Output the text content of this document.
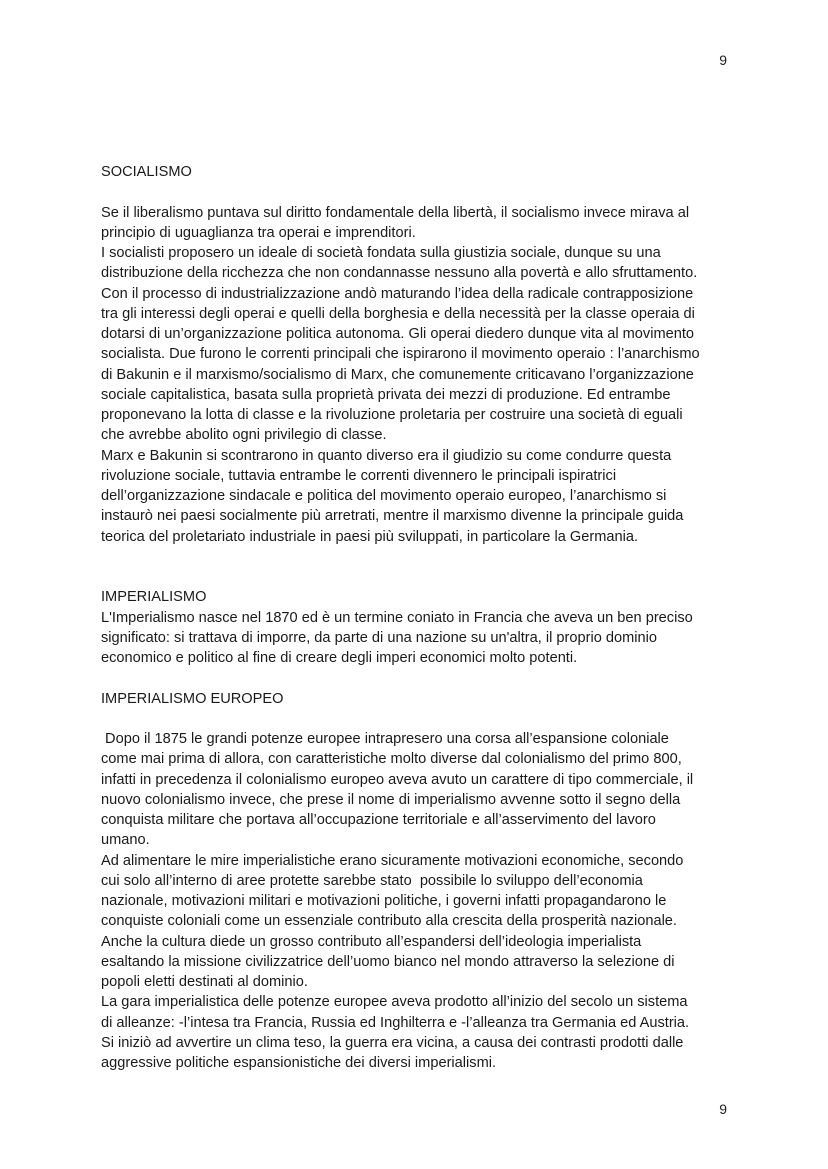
9
SOCIALISMO

Se il liberalismo puntava sul diritto fondamentale della libertà, il socialismo invece mirava al

principio di uguaglianza tra operai e imprenditori.

I socialisti proposero un ideale di società fondata sulla giustizia sociale, dunque su una

distribuzione della ricchezza che non condannasse nessuno alla povertà e allo sfruttamento.

Con il processo di industrializzazione andò maturando l’idea della radicale contrapposizione

tra gli interessi degli operai e quelli della borghesia e della necessità per la classe operaia di

dotarsi di un’organizzazione politica autonoma. Gli operai diedero dunque vita al movimento

socialista. Due furono le correnti principali che ispirarono il movimento operaio : l’anarchismo

di Bakunin e il marxismo/socialismo di Marx, che comunemente criticavano l’organizzazione

sociale capitalistica, basata sulla proprietà privata dei mezzi di produzione. Ed entrambe

proponevano la lotta di classe e la rivoluzione proletaria per costruire una società di eguali

che avrebbe abolito ogni privilegio di classe.

Marx e Bakunin si scontrarono in quanto diverso era il giudizio su come condurre questa

rivoluzione sociale, tuttavia entrambe le correnti divennero le principali ispiratrici

dell’organizzazione sindacale e politica del movimento operaio europeo, l’anarchismo si

instaurò nei paesi socialmente più arretrati, mentre il marxismo divenne la principale guida

teorica del proletariato industriale in paesi più sviluppati, in particolare la Germania.

IMPERIALISMO

L'Imperialismo nasce nel 1870 ed è un termine coniato in Francia che aveva un ben preciso

significato: si trattava di imporre, da parte di una nazione su un'altra, il proprio dominio

economico e politico al fine di creare degli imperi economici molto potenti.

IMPERIALISMO EUROPEO

Dopo il 1875 le grandi potenze europee intrapresero una corsa all’espansione coloniale

come mai prima di allora, con caratteristiche molto diverse dal colonialismo del primo 800,

infatti in precedenza il colonialismo europeo aveva avuto un carattere di tipo commerciale, il

nuovo colonialismo invece, che prese il nome di imperialismo avvenne sotto il segno della

conquista militare che portava all’occupazione territoriale e all’asservimento del lavoro

umano.

Ad alimentare le mire imperialistiche erano sicuramente motivazioni economiche, secondo

cui solo all’interno di aree protette sarebbe stato  possibile lo sviluppo dell’economia

nazionale, motivazioni militari e motivazioni politiche, i governi infatti propagandarono le

conquiste coloniali come un essenziale contributo alla crescita della prosperità nazionale.

Anche la cultura diede un grosso contributo all’espandersi dell’ideologia imperialista

esaltando la missione civilizzatrice dell’uomo bianco nel mondo attraverso la selezione di

popoli eletti destinati al dominio.

La gara imperialistica delle potenze europee aveva prodotto all’inizio del secolo un sistema

di alleanze: -l’intesa tra Francia, Russia ed Inghilterra e -l’alleanza tra Germania ed Austria.

Si iniziò ad avvertire un clima teso, la guerra era vicina, a causa dei contrasti prodotti dalle

aggressive politiche espansionistiche dei diversi imperialismi.

9
